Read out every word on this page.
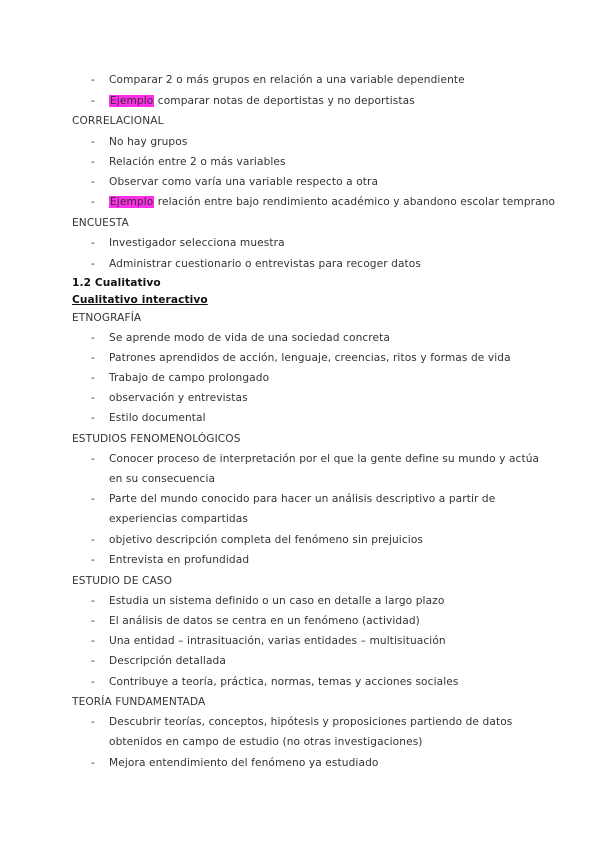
- Comparar 2 o más grupos en relación a una variable dependiente
- Ejemplo comparar notas de deportistas y no deportistas
CORRELACIONAL
- No hay grupos
- Relación entre 2 o más variables
- Observar como varía una variable respecto a otra
- Ejemplo relación entre bajo rendimiento académico y abandono escolar temprano
ENCUESTA
- Investigador selecciona muestra
- Administrar cuestionario o entrevistas para recoger datos
1.2 Cualitativo
Cualitativo interactivo
ETNOGRAFÍA
- Se aprende modo de vida de una sociedad concreta
- Patrones aprendidos de acción, lenguaje, creencias, ritos y formas de vida
- Trabajo de campo prolongado
- observación y entrevistas
- Estilo documental
ESTUDIOS FENOMENOLÓGICOS
- Conocer proceso de interpretación por el que la gente define su mundo y actúa
en su consecuencia
- Parte del mundo conocido para hacer un análisis descriptivo a partir de
experiencias compartidas
- objetivo descripción completa del fenómeno sin prejuicios
- Entrevista en profundidad
ESTUDIO DE CASO
- Estudia un sistema definido o un caso en detalle a largo plazo
- El análisis de datos se centra en un fenómeno (actividad)
- Una entidad – intrasituación, varias entidades – multisituación
- Descripción detallada
- Contribuye a teoría, práctica, normas, temas y acciones sociales
TEORÍA FUNDAMENTADA
- Descubrir teorías, conceptos, hipótesis y proposiciones partiendo de datos
obtenidos en campo de estudio (no otras investigaciones)
- Mejora entendimiento del fenómeno ya estudiado
